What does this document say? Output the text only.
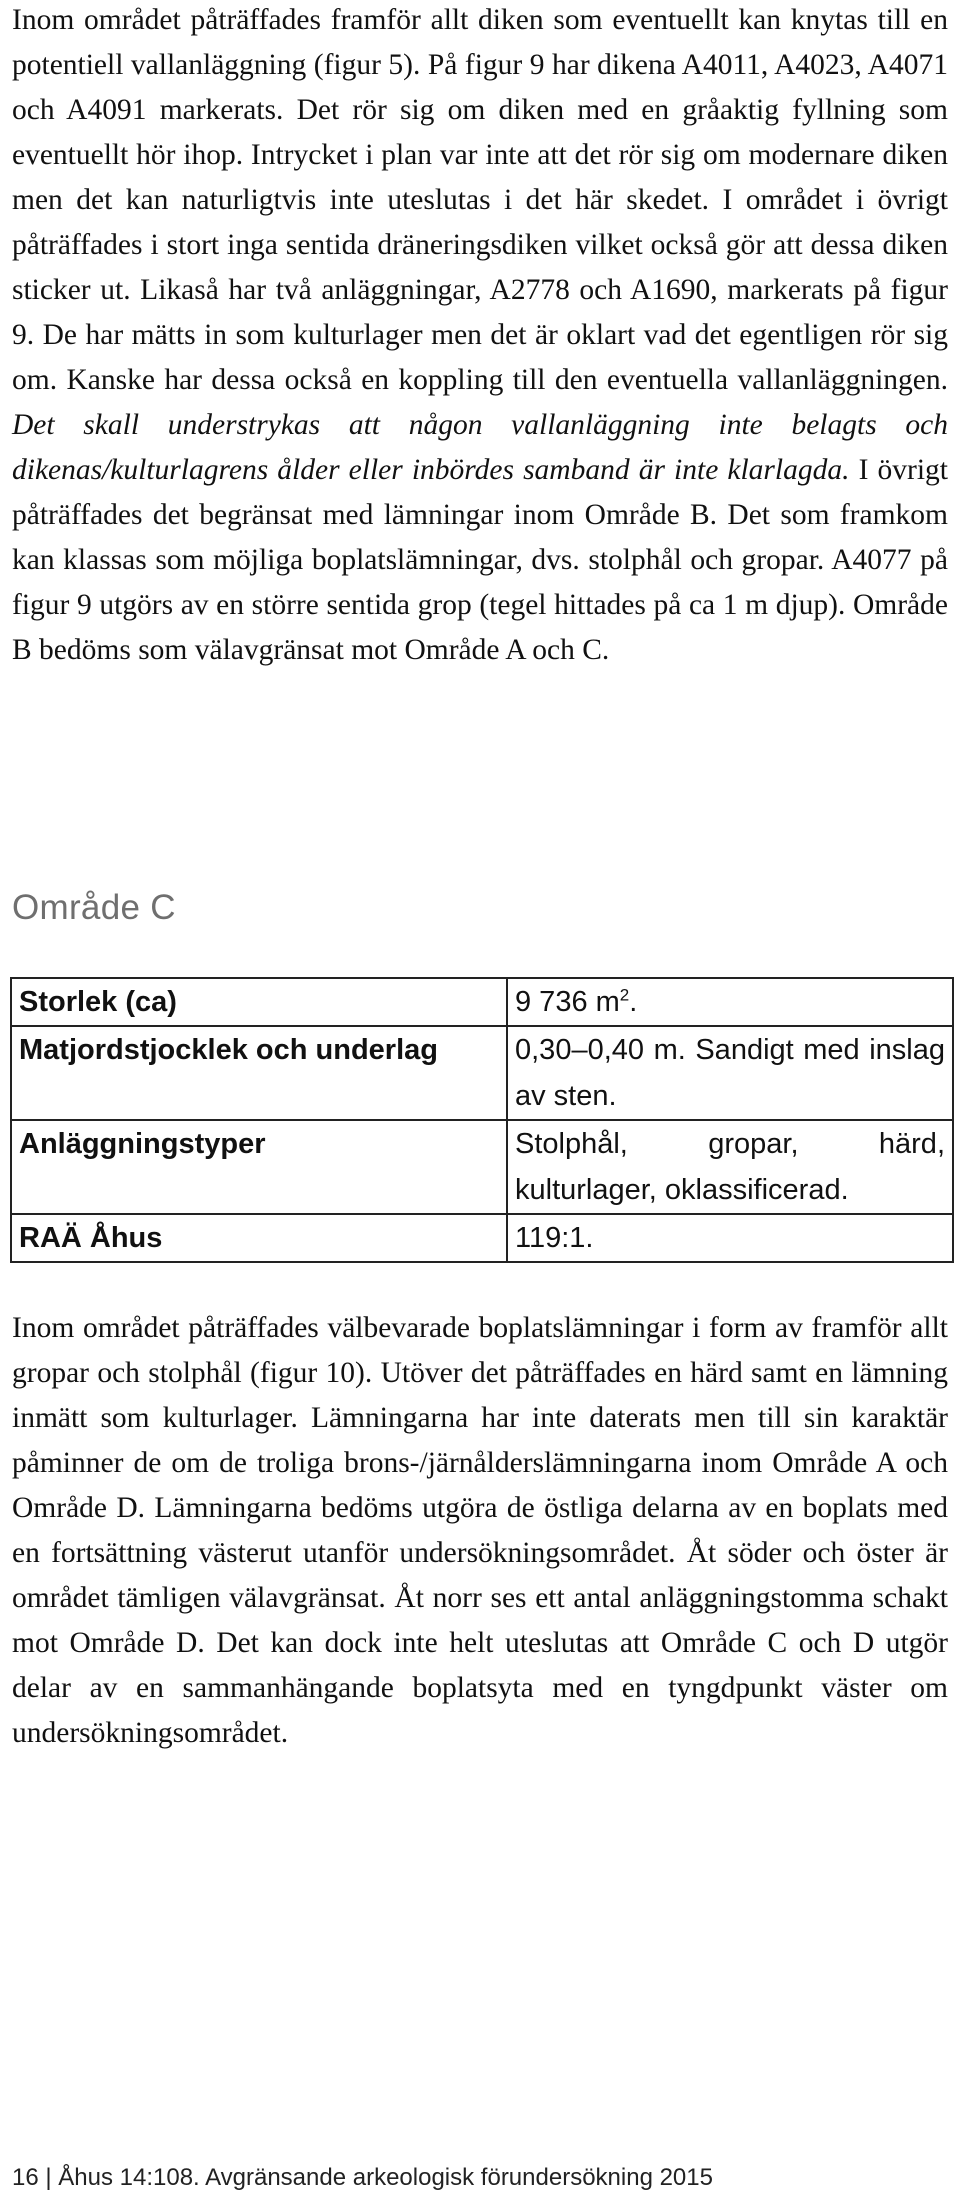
Inom området påträffades framför allt diken som eventuellt kan knytas till en potentiell vallanläggning (figur 5). På figur 9 har dikena A4011, A4023, A4071 och A4091 markerats. Det rör sig om diken med en gråaktig fyllning som eventuellt hör ihop. Intrycket i plan var inte att det rör sig om modernare diken men det kan naturligtvis inte uteslutas i det här skedet. I området i övrigt påträffades i stort inga sentida dräneringsdiken vilket också gör att dessa diken sticker ut. Likaså har två anläggningar, A2778 och A1690, markerats på figur 9. De har mätts in som kulturlager men det är oklart vad det egentligen rör sig om. Kanske har dessa också en koppling till den eventuella vallanläggningen. Det skall understrykas att någon vallanläggning inte belagts och dikenas/kulturlagrens ålder eller inbördes samband är inte klarlagda. I övrigt påträffades det begränsat med lämningar inom Område B. Det som framkom kan klassas som möjliga boplatslämningar, dvs. stolphål och gropar. A4077 på figur 9 utgörs av en större sentida grop (tegel hittades på ca 1 m djup). Område B bedöms som välavgränsat mot Område A och C.

Område C
Storlek (ca)	9 736 $m^2$.
Matjordstjocklek och underlag	0,30–0,40 m. Sandigt med inslag av sten.
Anläggningstyper	Stolphål, gropar, härd, kulturlager, oklassificerad.
RAÄ Åhus	119:1.

Inom området påträffades välbevarade boplatslämningar i form av framför allt gropar och stolphål (figur 10). Utöver det påträffades en härd samt en lämning inmätt som kulturlager. Lämningarna har inte daterats men till sin karaktär påminner de om de troliga brons-/järnålderslämningarna inom Område A och Område D. Lämningarna bedöms utgöra de östliga delarna av en boplats med en fortsättning västerut utanför undersökningsområdet. Åt söder och öster är området tämligen välavgränsat. Åt norr ses ett antal anläggningstomma schakt mot Område D. Det kan dock inte helt uteslutas att Område C och D utgör delar av en sammanhängande boplatsyta med en tyngdpunkt väster om undersökningsområdet.

16 | Åhus 14:108. Avgränsande arkeologisk förundersökning 2015
